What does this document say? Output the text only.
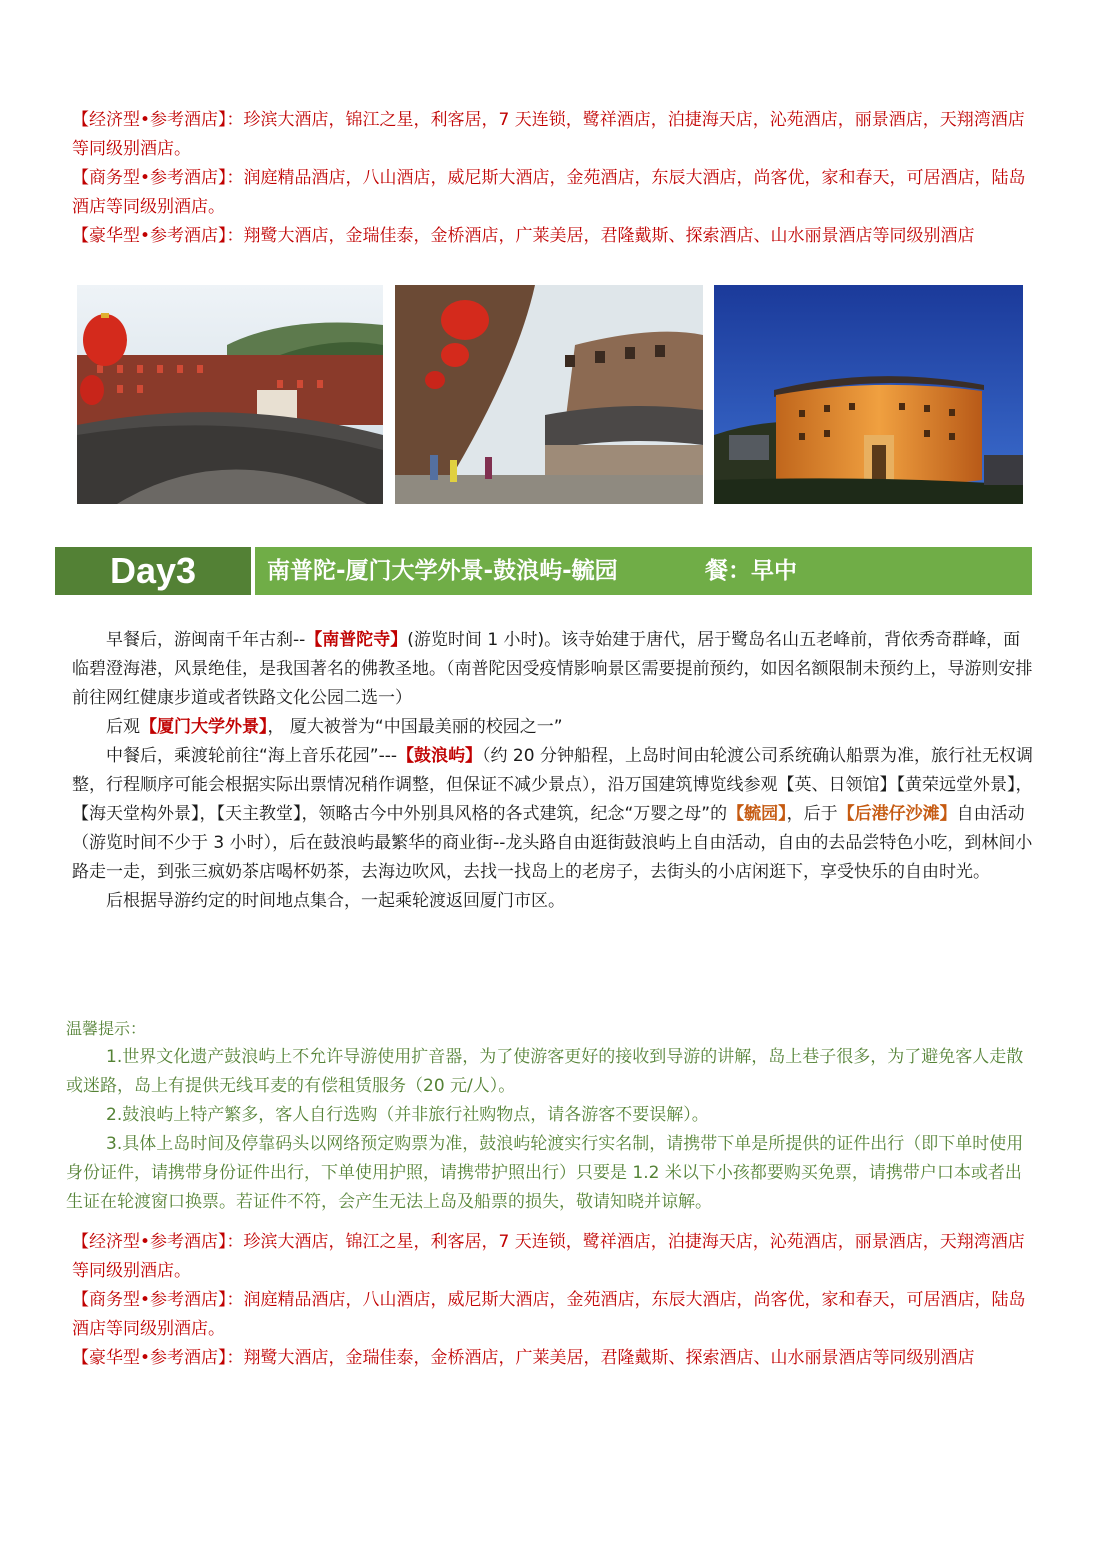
【经济型•参考酒店】：珍滨大酒店，锦江之星，利客居，7 天连锁，鹭祥酒店，泊捷海天店，沁苑酒店，丽景酒店，天翔湾酒店等同级别酒店。

【商务型•参考酒店】：润庭精品酒店，八山酒店，威尼斯大酒店，金苑酒店，东辰大酒店，尚客优，家和春天，可居酒店，陆岛酒店等同级别酒店。

【豪华型•参考酒店】：翔鹭大酒店，金瑞佳泰，金桥酒店，广莱美居，君隆戴斯、探索酒店、山水丽景酒店等同级别酒店

Day3	南普陀-厦门大学外景-鼓浪屿-毓园	餐：早中

早餐后，游闽南千年古刹--【南普陀寺】(游览时间 1 小时)。该寺始建于唐代，居于鹭岛名山五老峰前，背依秀奇群峰，面临碧澄海港，风景绝佳，是我国著名的佛教圣地。（南普陀因受疫情影响景区需要提前预约，如因名额限制未预约上，导游则安排前往网红健康步道或者铁路文化公园二选一）

后观【厦门大学外景】， 厦大被誉为“中国最美丽的校园之一”

中餐后，乘渡轮前往“海上音乐花园”---【鼓浪屿】（约 20 分钟船程，上岛时间由轮渡公司系统确认船票为准，旅行社无权调整，行程顺序可能会根据实际出票情况稍作调整，但保证不减少景点），沿万国建筑博览线参观【英、日领馆】【黄荣远堂外景】，【海天堂构外景】，【天主教堂】，领略古今中外别具风格的各式建筑，纪念“万婴之母”的【毓园】，后于【后港仔沙滩】自由活动（游览时间不少于 3 小时），后在鼓浪屿最繁华的商业街--龙头路自由逛街鼓浪屿上自由活动，自由的去品尝特色小吃，到林间小路走一走，到张三疯奶茶店喝杯奶茶，去海边吹风，去找一找岛上的老房子，去街头的小店闲逛下，享受快乐的自由时光。

后根据导游约定的时间地点集合，一起乘轮渡返回厦门市区。

温馨提示：

1.世界文化遗产鼓浪屿上不允许导游使用扩音器，为了使游客更好的接收到导游的讲解，岛上巷子很多，为了避免客人走散或迷路，岛上有提供无线耳麦的有偿租赁服务（20 元/人）。

2.鼓浪屿上特产繁多，客人自行选购（并非旅行社购物点，请各游客不要误解）。

3.具体上岛时间及停靠码头以网络预定购票为准，鼓浪屿轮渡实行实名制，请携带下单是所提供的证件出行（即下单时使用身份证件，请携带身份证件出行，下单使用护照，请携带护照出行）只要是 1.2 米以下小孩都要购买免票，请携带户口本或者出生证在轮渡窗口换票。若证件不符，会产生无法上岛及船票的损失，敬请知晓并谅解。

【经济型•参考酒店】：珍滨大酒店，锦江之星，利客居，7 天连锁，鹭祥酒店，泊捷海天店，沁苑酒店，丽景酒店，天翔湾酒店等同级别酒店。

【商务型•参考酒店】：润庭精品酒店，八山酒店，威尼斯大酒店，金苑酒店，东辰大酒店，尚客优，家和春天，可居酒店，陆岛酒店等同级别酒店。

【豪华型•参考酒店】：翔鹭大酒店，金瑞佳泰，金桥酒店，广莱美居，君隆戴斯、探索酒店、山水丽景酒店等同级别酒店
